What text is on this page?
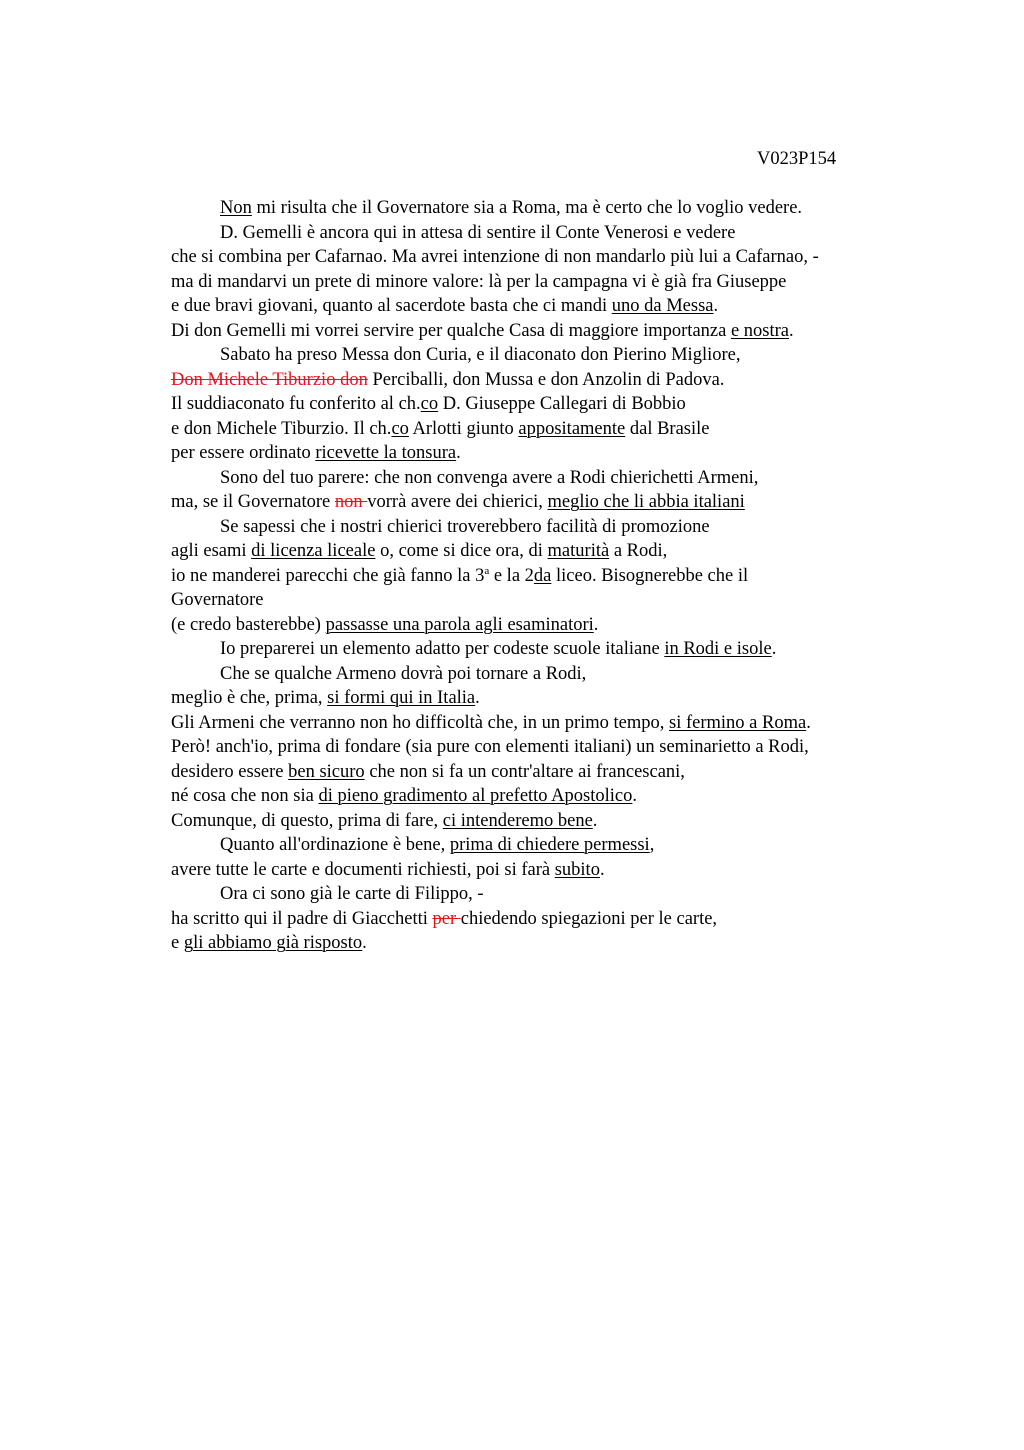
V023P154
Non mi risulta che il Governatore sia a Roma, ma è certo che lo voglio vedere.
D. Gemelli è ancora qui in attesa di sentire il Conte Venerosi e vedere
che si combina per Cafarnao. Ma avrei intenzione di non mandarlo più lui a Cafarnao, -
ma di mandarvi un prete di minore valore: là per la campagna vi è già fra Giuseppe
e due bravi giovani, quanto al sacerdote basta che ci mandi uno da Messa.
Di don Gemelli mi vorrei servire per qualche Casa di maggiore importanza e nostra.
Sabato ha preso Messa don Curia, e il diaconato don Pierino Migliore,
Don Michele Tiburzio don Perciballi, don Mussa e don Anzolin di Padova.
Il suddiaconato fu conferito al ch.co D. Giuseppe Callegari di Bobbio
e don Michele Tiburzio. Il ch.co Arlotti giunto appositamente dal Brasile
per essere ordinato ricevette la tonsura.
Sono del tuo parere: che non convenga avere a Rodi chierichetti Armeni,
ma, se il Governatore non vorrà avere dei chierici, meglio che li abbia italiani
Se sapessi che i nostri chierici troverebbero facilità di promozione
agli esami di licenza liceale o, come si dice ora, di maturità a Rodi,
io ne manderei parecchi che già fanno la 3$^a$ e la 2da liceo. Bisognerebbe che il
Governatore
(e credo basterebbe) passasse una parola agli esaminatori.
Io preparerei un elemento adatto per codeste scuole italiane in Rodi e isole.
Che se qualche Armeno dovrà poi tornare a Rodi,
meglio è che, prima, si formi qui in Italia.
Gli Armeni che verranno non ho difficoltà che, in un primo tempo, si fermino a Roma.
Però! anch'io, prima di fondare (sia pure con elementi italiani) un seminarietto a Rodi,
desidero essere ben sicuro che non si fa un contr'altare ai francescani,
né cosa che non sia di pieno gradimento al prefetto Apostolico.
Comunque, di questo, prima di fare, ci intenderemo bene.
Quanto all'ordinazione è bene, prima di chiedere permessi,
avere tutte le carte e documenti richiesti, poi si farà subito.
Ora ci sono già le carte di Filippo, -
ha scritto qui il padre di Giacchetti per chiedendo spiegazioni per le carte,
e gli abbiamo già risposto.
